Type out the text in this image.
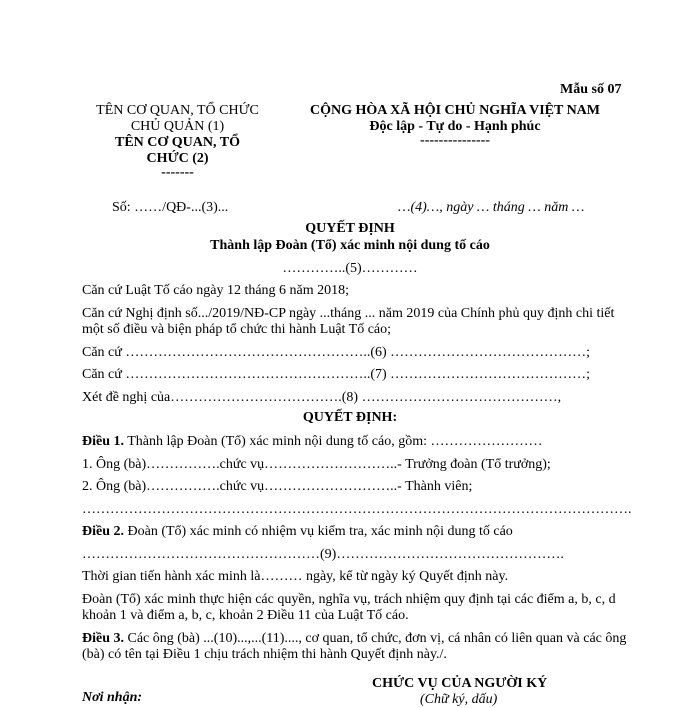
Mẫu số 07
TÊN CƠ QUAN, TỔ CHỨC
CHỦ QUẢN (1)
TÊN CƠ QUAN, TỔ
CHỨC (2)
-------
CỘNG HÒA XÃ HỘI CHỦ NGHĨA VIỆT NAM
Độc lập - Tự do - Hạnh phúc
---------------
Số: ……/QĐ-...(3)...	…(4)…, ngày … tháng … năm …
QUYẾT ĐỊNH
Thành lập Đoàn (Tổ) xác minh nội dung tố cáo
…………..(5)…………
Căn cứ Luật Tố cáo ngày 12 tháng 6 năm 2018;
Căn cứ Nghị định số.../2019/NĐ-CP ngày ...tháng ... năm 2019 của Chính phủ quy định chi tiết
một số điều và biện pháp tổ chức thi hành Luật Tố cáo;
Căn cứ ……………………………………………..(6) ……………………………………;
Căn cứ ……………………………………………..(7) ……………………………………;
Xét đề nghị của……………………………….(8) ……………………………………,
QUYẾT ĐỊNH:
Điều 1. Thành lập Đoàn (Tổ) xác minh nội dung tố cáo, gồm: ……………………
1. Ông (bà)…………….chức vụ………………………..- Trưởng đoàn (Tổ trưởng);
2. Ông (bà)…………….chức vụ………………………..- Thành viên;
……………………………………………………………………………………………………….
Điều 2. Đoàn (Tổ) xác minh có nhiệm vụ kiểm tra, xác minh nội dung tố cáo
……………………………………………(9)………………………………………….
Thời gian tiến hành xác minh là……… ngày, kể từ ngày ký Quyết định này.
Đoàn (Tổ) xác minh thực hiện các quyền, nghĩa vụ, trách nhiệm quy định tại các điểm a, b, c, d
khoản 1 và điểm a, b, c, khoản 2 Điều 11 của Luật Tố cáo.
Điều 3. Các ông (bà) ...(10)...,...(11)...., cơ quan, tổ chức, đơn vị, cá nhân có liên quan và các ông
(bà) có tên tại Điều 1 chịu trách nhiệm thi hành Quyết định này./.
CHỨC VỤ CỦA NGƯỜI KÝ
(Chữ ký, dấu)
Nơi nhận:
